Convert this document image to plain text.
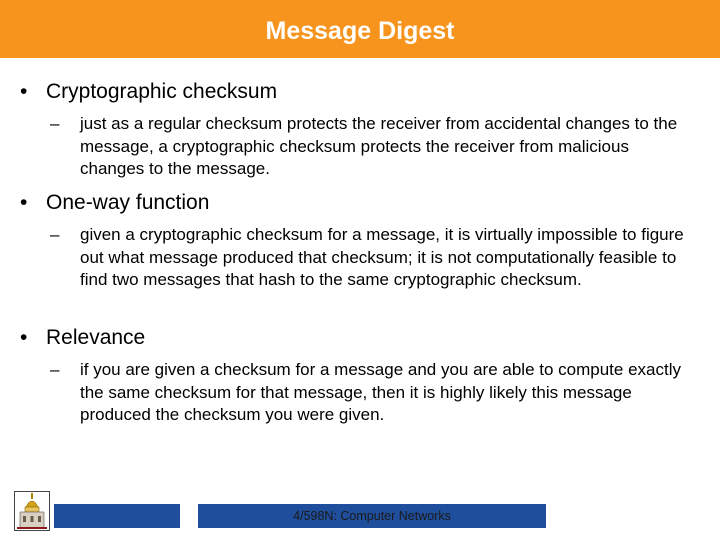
Message Digest
• Cryptographic checksum
– just as a regular checksum protects the receiver from accidental changes to the message, a cryptographic checksum protects the receiver from malicious changes to the message.
• One-way function
– given a cryptographic checksum for a message, it is virtually impossible to figure out what message produced that checksum; it is not computationally feasible to find two messages that hash to the same cryptographic checksum.
• Relevance
– if you are given a checksum for a message and you are able to compute exactly the same checksum for that message, then it is highly likely this message produced the checksum you were given.
4/598N: Computer Networks
